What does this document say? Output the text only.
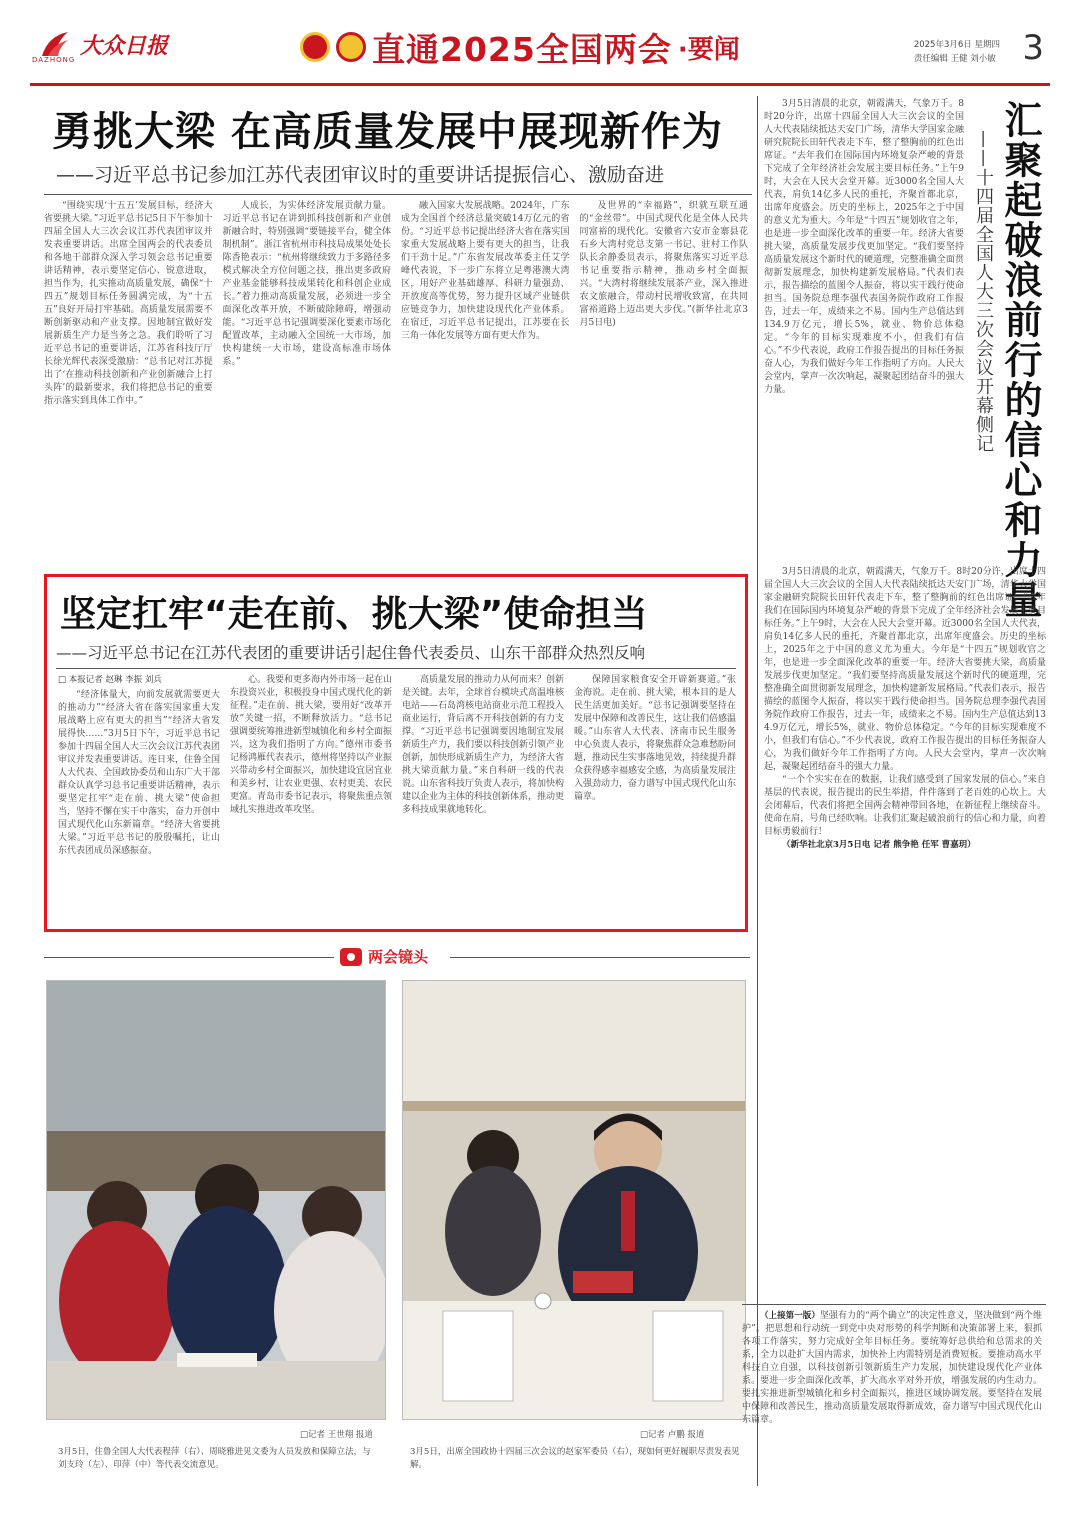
大众日报
DAZHONG	直通2025全国两会 ·要闻	2025年3月6日 星期四
责任编辑 王健 刘小敏 3
勇挑大梁 在高质量发展中展现新作为
——习近平总书记参加江苏代表团审议时的重要讲话提振信心、激励奋进

“围绕实现‘十五五’发展目标，经济大省要挑大梁。”习近平总书记5日下午参加十四届全国人大三次会议江苏代表团审议并发表重要讲话。出席全国两会的代表委员和各地干部群众深入学习领会总书记重要讲话精神，表示要坚定信心、锐意进取，担当作为，扎实推动高质量发展，确保“十四五”规划目标任务圆满完成，为“十五五”良好开局打牢基础。高质量发展需要不断创新驱动和产业支撑。因地制宜做好发展新质生产力是当务之急。我们聆听了习近平总书记的重要讲话，江苏省科技厅厅长徐光辉代表深受激励：“总书记对江苏提出了‘在推动科技创新和产业创新融合上打头阵’的最新要求，我们将把总书记的重要指示落实到具体工作中。”

人成长，为实体经济发展贡献力量。习近平总书记在讲到抓科技创新和产业创新融合时，特别强调“要链接平台，健全体制机制”。浙江省杭州市科技局成果处处长陈香艳表示：“杭州将继续致力于多路径多模式解决全方位问题之技，推出更多政府产业基金能够科技成果转化和科创企业成长。”着力推动高质量发展，必须进一步全面深化改革开放，不断破除障碍，增强动能。“习近平总书记强调要深化要素市场化配置改革，主动融入全国统一大市场，加快构建统一大市场，建设高标准市场体系。”

融入国家大发展战略。2024年，广东成为全国首个经济总量突破14万亿元的省份。“习近平总书记提出经济大省在落实国家重大发展战略上要有更大的担当，让我们干劲十足。”广东省发展改革委主任艾学峰代表说，下一步广东将立足粤港澳大湾区，用好产业基础雄厚、科研力量强劲、开放度高等优势，努力提升区域产业链供应链竞争力，加快建设现代化产业体系。在宿迁，习近平总书记提出，江苏要在长三角一体化发展等方面有更大作为。

及世界的“幸福路”，织就互联互通的“金丝带”。中国式现代化是全体人民共同富裕的现代化。安徽省六安市金寨县花石乡大湾村党总支第一书记、驻村工作队队长余静委员表示，将聚焦落实习近平总书记重要指示精神，推动乡村全面振兴。“大湾村将继续发展茶产业，深入推进农文旅融合，带动村民增收致富，在共同富裕道路上迈出更大步伐。”(新华社北京3月5日电)

坚定扛牢“走在前、挑大梁”使命担当
——习近平总书记在江苏代表团的重要讲话引起住鲁代表委员、山东干部群众热烈反响
□ 本报记者 赵琳 李振 刘兵

“经济体量大，向前发展就需要更大的推动力”“经济大省在落实国家重大发展战略上应有更大的担当”“经济大省发展得快……”3月5日下午，习近平总书记参加十四届全国人大三次会议江苏代表团审议并发表重要讲话。连日来，住鲁全国人大代表、全国政协委员和山东广大干部群众认真学习总书记重要讲话精神，表示要坚定扛牢“走在前、挑大梁”使命担当，坚持不懈在实干中落实，奋力开创中国式现代化山东新篇章。“经济大省要挑大梁。”习近平总书记的殷殷嘱托，让山东代表团成员深感振奋。

心。我要和更多海内外市场一起在山东投资兴业，积极投身中国式现代化的新征程。”走在前、挑大梁，要用好“改革开放”关键一招，不断释放活力。“总书记强调要统筹推进新型城镇化和乡村全面振兴，这为我们指明了方向。”德州市委书记杨鸿雁代表表示，德州将坚持以产业振兴带动乡村全面振兴，加快建设宜居宜业和美乡村，让农业更强、农村更美、农民更富。青岛市委书记表示，将聚焦重点领域扎实推进改革攻坚。

高质量发展的推动力从何而来？创新是关键。去年，全球首台模块式高温堆核电站——石岛湾核电站商业示范工程投入商业运行，背后离不开科技创新的有力支撑。“习近平总书记强调要因地制宜发展新质生产力，我们要以科技创新引领产业创新，加快形成新质生产力，为经济大省挑大梁贡献力量。”来自科研一线的代表说。山东省科技厅负责人表示，将加快构建以企业为主体的科技创新体系，推动更多科技成果就地转化。

保障国家粮食安全开辟新赛道。”张金海说。走在前、挑大梁，根本目的是人民生活更加美好。“总书记强调要坚持在发展中保障和改善民生，这让我们倍感温暖。”山东省人大代表、济南市民生服务中心负责人表示，将聚焦群众急难愁盼问题，推动民生实事落地见效，持续提升群众获得感幸福感安全感，为高质量发展注入强劲动力，奋力谱写中国式现代化山东篇章。

汇聚起破浪前行的信心和力量
——十四届全国人大三次会议开幕侧记

3月5日清晨的北京，朝霞满天，气象万千。8时20分许，出席十四届全国人大三次会议的全国人大代表陆续抵达天安门广场，清华大学国家金融研究院院长田轩代表走下车，整了整胸前的红色出席证。“去年我们在国际国内环境复杂严峻的背景下完成了全年经济社会发展主要目标任务。”上午9时，大会在人民大会堂开幕。近3000名全国人大代表，肩负14亿多人民的重托，齐聚首都北京，出席年度盛会。历史的坐标上，2025年之于中国的意义尤为重大。今年是“十四五”规划收官之年，也是进一步全面深化改革的重要一年。经济大省要挑大梁，高质量发展步伐更加坚定。“我们要坚持高质量发展这个新时代的硬道理，完整准确全面贯彻新发展理念，加快构建新发展格局。”代表们表示，报告描绘的蓝图令人振奋，将以实干践行使命担当。国务院总理李强代表国务院作政府工作报告，过去一年，成绩来之不易。国内生产总值达到134.9万亿元，增长5%，就业、物价总体稳定。“今年的目标实现难度不小，但我们有信心。”不少代表说，政府工作报告提出的目标任务振奋人心，为我们做好今年工作指明了方向。人民大会堂内，掌声一次次响起，凝聚起团结奋斗的强大力量。

3月5日清晨的北京，朝霞满天，气象万千。8时20分许，出席十四届全国人大三次会议的全国人大代表陆续抵达天安门广场，清华大学国家金融研究院院长田轩代表走下车，整了整胸前的红色出席证。“去年我们在国际国内环境复杂严峻的背景下完成了全年经济社会发展主要目标任务。”上午9时，大会在人民大会堂开幕。近3000名全国人大代表，肩负14亿多人民的重托，齐聚首都北京，出席年度盛会。历史的坐标上，2025年之于中国的意义尤为重大。今年是“十四五”规划收官之年，也是进一步全面深化改革的重要一年。经济大省要挑大梁，高质量发展步伐更加坚定。“我们要坚持高质量发展这个新时代的硬道理，完整准确全面贯彻新发展理念，加快构建新发展格局。”代表们表示，报告描绘的蓝图令人振奋，将以实干践行使命担当。国务院总理李强代表国务院作政府工作报告，过去一年，成绩来之不易。国内生产总值达到134.9万亿元，增长5%，就业、物价总体稳定。“今年的目标实现难度不小，但我们有信心。”不少代表说，政府工作报告提出的目标任务振奋人心，为我们做好今年工作指明了方向。人民大会堂内，掌声一次次响起，凝聚起团结奋斗的强大力量。

“一个个实实在在的数据，让我们感受到了国家发展的信心。”来自基层的代表说，报告提出的民生举措，件件落到了老百姓的心坎上。大会闭幕后，代表们将把全国两会精神带回各地，在新征程上继续奋斗。使命在肩，号角已经吹响。让我们汇聚起破浪前行的信心和力量，向着目标勇毅前行！

（新华社北京3月5日电 记者 熊争艳 任军 曹嘉玥）

两会镜头
□记者 王世翔 报道
3月5日，住鲁全国人大代表程萍（右）、周晓雅进见文委为人员发放和保障立法，与刘支玲（左）、印萍（中）等代表交流意见。
□记者 卢鹏 报道
3月5日，出席全国政协十四届三次会议的赵家军委员（右），现如何更好履职尽责发表见解。

（上接第一版）坚强有力的“两个确立”的决定性意义，坚决做到“两个维护”。把思想和行动统一到党中央对形势的科学判断和决策部署上来，狠抓各项工作落实，努力完成好全年目标任务。要统筹好总供给和总需求的关系，全力以赴扩大国内需求，加快补上内需特别是消费短板。要推动高水平科技自立自强，以科技创新引领新质生产力发展，加快建设现代化产业体系。要进一步全面深化改革，扩大高水平对外开放，增强发展的内生动力。要扎实推进新型城镇化和乡村全面振兴，推进区域协调发展。要坚持在发展中保障和改善民生，推动高质量发展取得新成效，奋力谱写中国式现代化山东篇章。
